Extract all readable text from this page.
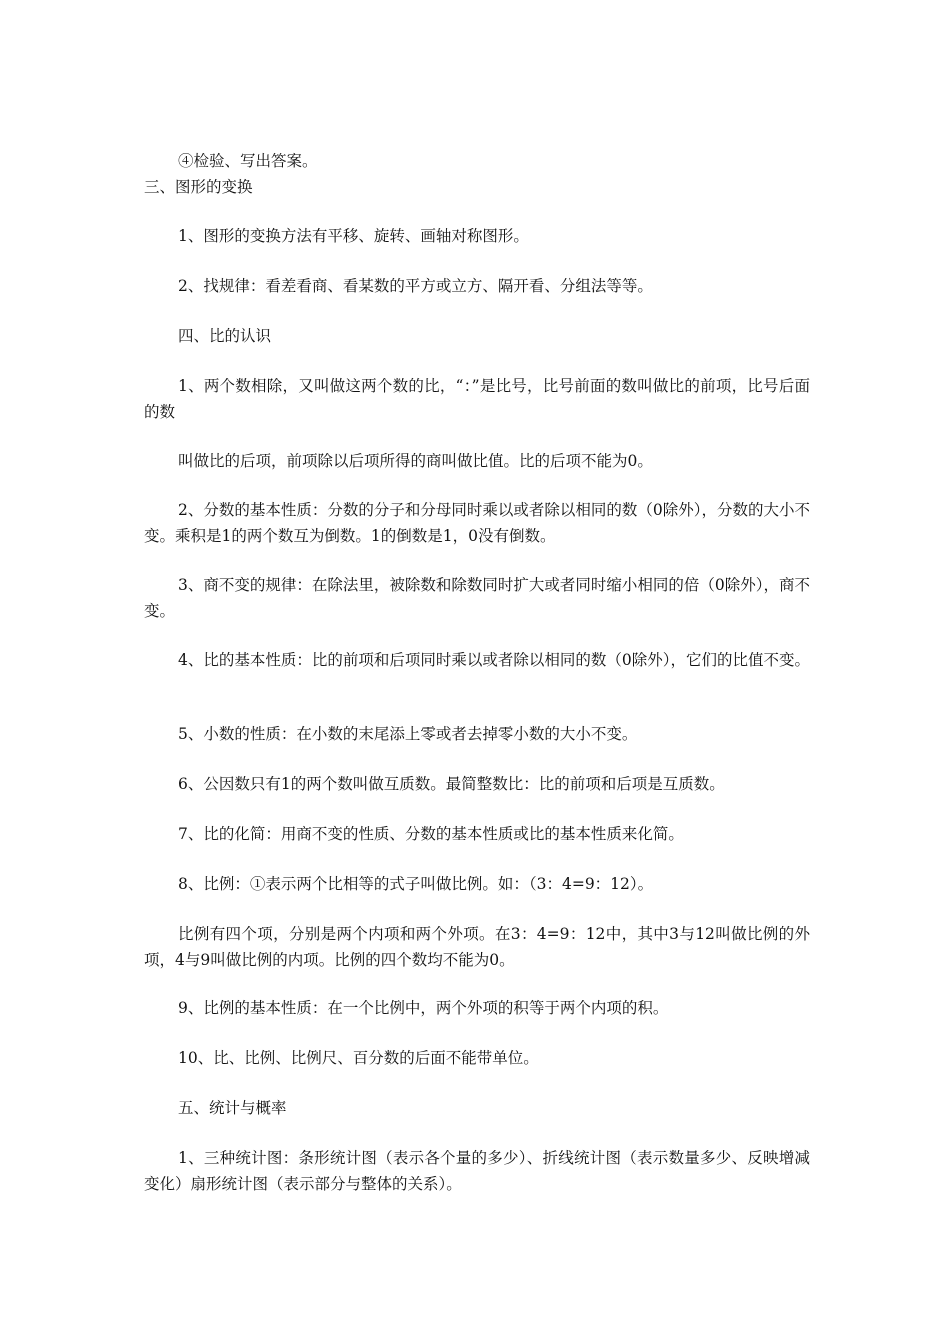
④检验、写出答案。

三、图形的变换

1、图形的变换方法有平移、旋转、画轴对称图形。

2、找规律：看差看商、看某数的平方或立方、隔开看、分组法等等。

四、比的认识

1、两个数相除，又叫做这两个数的比，“：”是比号，比号前面的数叫做比的前项，比号后面的数

叫做比的后项，前项除以后项所得的商叫做比值。比的后项不能为0。

2、分数的基本性质：分数的分子和分母同时乘以或者除以相同的数（0除外），分数的大小不变。乘积是1的两个数互为倒数。1的倒数是1，0没有倒数。

3、商不变的规律：在除法里，被除数和除数同时扩大或者同时缩小相同的倍（0除外），商不变。

4、比的基本性质：比的前项和后项同时乘以或者除以相同的数（0除外），它们的比值不变。

5、小数的性质：在小数的末尾添上零或者去掉零小数的大小不变。

6、公因数只有1的两个数叫做互质数。最简整数比：比的前项和后项是互质数。

7、比的化简：用商不变的性质、分数的基本性质或比的基本性质来化简。

8、比例：①表示两个比相等的式子叫做比例。如：（3：4=9：12）。

比例有四个项，分别是两个内项和两个外项。在3：4=9：12中，其中3与12叫做比例的外项，4与9叫做比例的内项。比例的四个数均不能为0。

9、比例的基本性质：在一个比例中，两个外项的积等于两个内项的积。

10、比、比例、比例尺、百分数的后面不能带单位。

五、统计与概率

1、三种统计图：条形统计图（表示各个量的多少）、折线统计图（表示数量多少、反映增减变化）扇形统计图（表示部分与整体的关系）。
